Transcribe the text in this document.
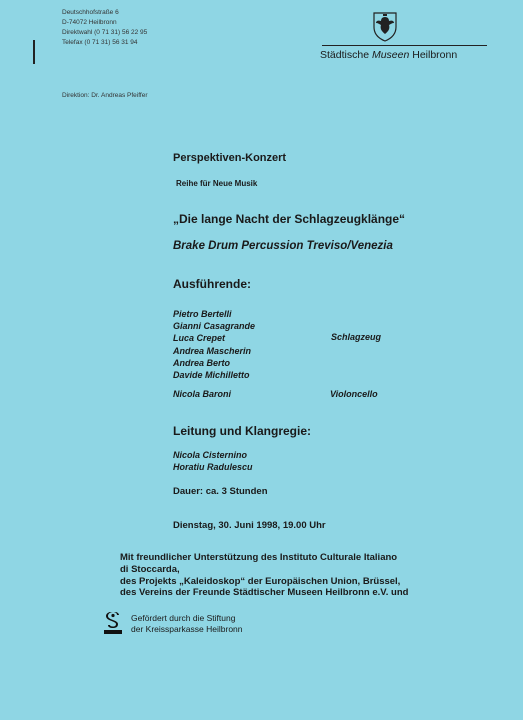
Deutschhofstraße 6
D-74072 Heilbronn
Direktwahl (0 71 31) 56 22 95
Telefax (0 71 31) 56 31 94
Direktion: Dr. Andreas Pfeiffer
Städtische Museen Heilbronn
Perspektiven-Konzert
Reihe für Neue Musik
„Die lange Nacht der Schlagzeugklänge“
Brake Drum Percussion Treviso/Venezia
Ausführende:
Pietro Bertelli
Gianni Casagrande
Luca Crepet
Andrea Mascherin
Andrea Berto
Davide Michilletto
Schlagzeug
Nicola Baroni	Violoncello
Leitung und Klangregie:
Nicola Cisternino
Horatiu Radulescu
Dauer: ca. 3 Stunden
Dienstag, 30. Juni 1998, 19.00 Uhr
Mit freundlicher Unterstützung des Instituto Culturale Italiano
di Stoccarda,
des Projekts „Kaleidoskop“ der Europäischen Union, Brüssel,
des Vereins der Freunde Städtischer Museen Heilbronn e.V. und
Gefördert durch die Stiftung
der Kreissparkasse Heilbronn
